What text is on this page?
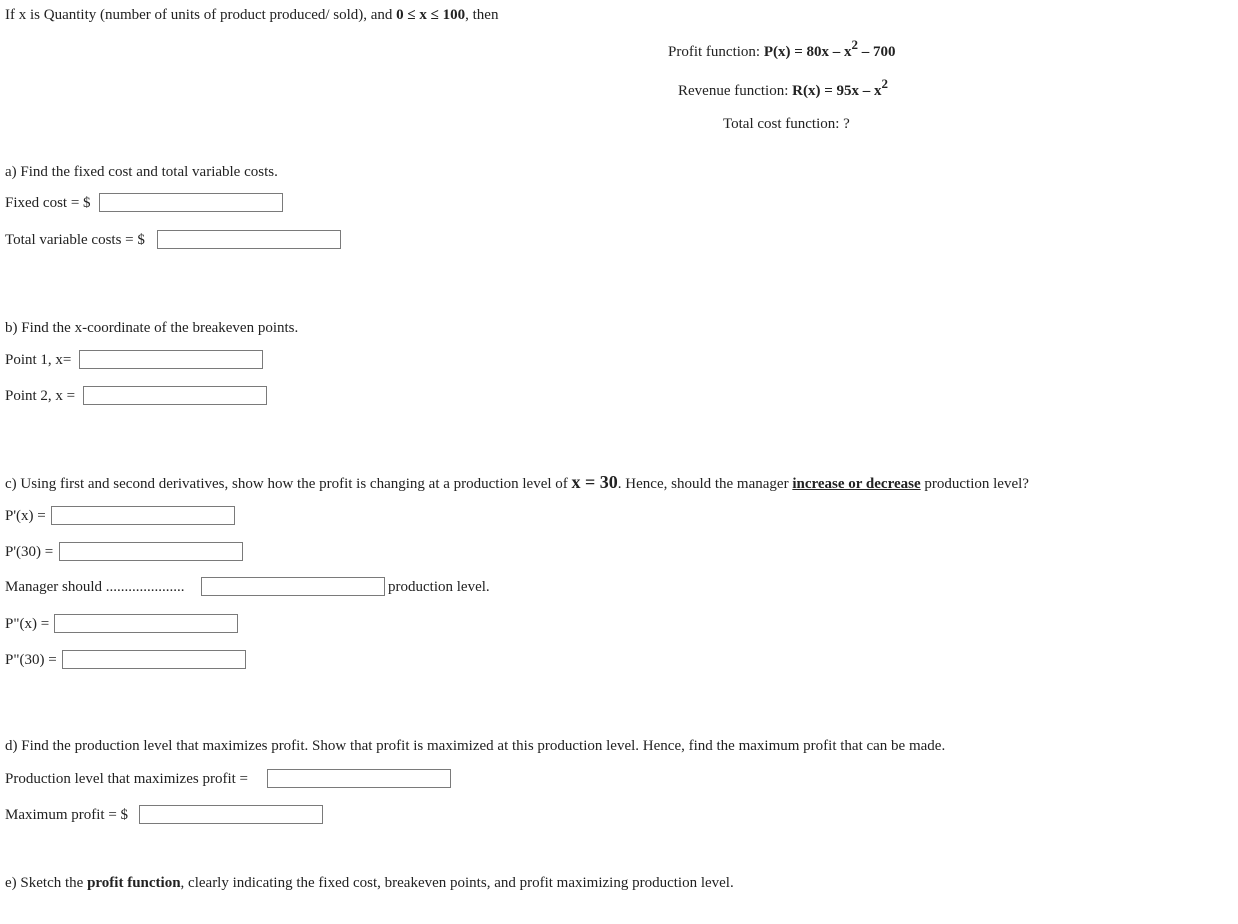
If x is Quantity (number of units of product produced/ sold), and 0 ≤ x ≤ 100, then
Profit function: P(x) = 80x – x2 – 700
Revenue function: R(x) = 95x – x2
Total cost function: ?
a) Find the fixed cost and total variable costs.
Fixed cost = $
Total variable costs = $
b) Find the x-coordinate of the breakeven points.
Point 1, x=
Point 2, x =
c) Using first and second derivatives, show how the profit is changing at a production level of x = 30. Hence, should the manager increase or decrease production level?
P'(x) =
P'(30) =
Manager should .....................	production level.
P"(x) =
P"(30) =
d) Find the production level that maximizes profit. Show that profit is maximized at this production level. Hence, find the maximum profit that can be made.
Production level that maximizes profit =
Maximum profit = $
e) Sketch the profit function, clearly indicating the fixed cost, breakeven points, and profit maximizing production level.
